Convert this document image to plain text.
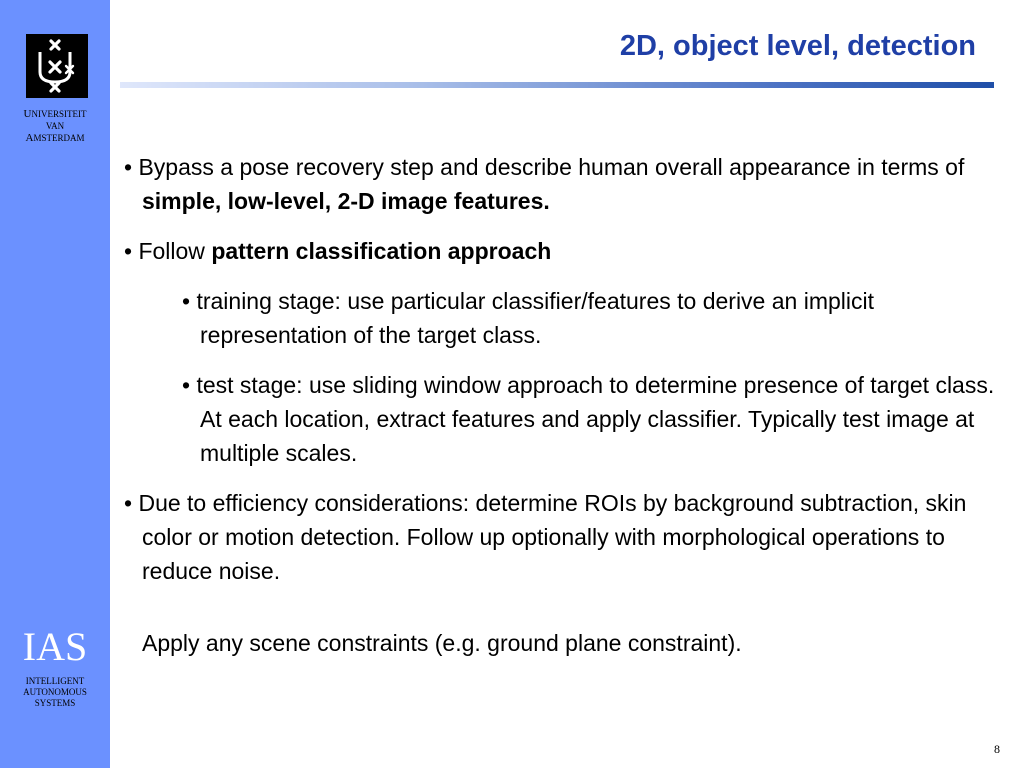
UNIVERSITEIT
VAN
AMSTERDAM
IAS
INTELLIGENT
AUTONOMOUS
SYSTEMS
2D, object level, detection

• Bypass a pose recovery step and describe human overall appearance in terms of simple, low-level, 2-D image features.

• Follow pattern classification approach

• training stage: use particular classifier/features to derive an implicit representation of the target class.

• test stage: use sliding window approach to determine presence of target class. At each location, extract features and apply classifier. Typically test image at multiple scales.

• Due to efficiency considerations: determine ROIs by background subtraction, skin color or motion detection. Follow up optionally with morphological operations to reduce noise.

Apply any scene constraints (e.g. ground plane constraint).

8
